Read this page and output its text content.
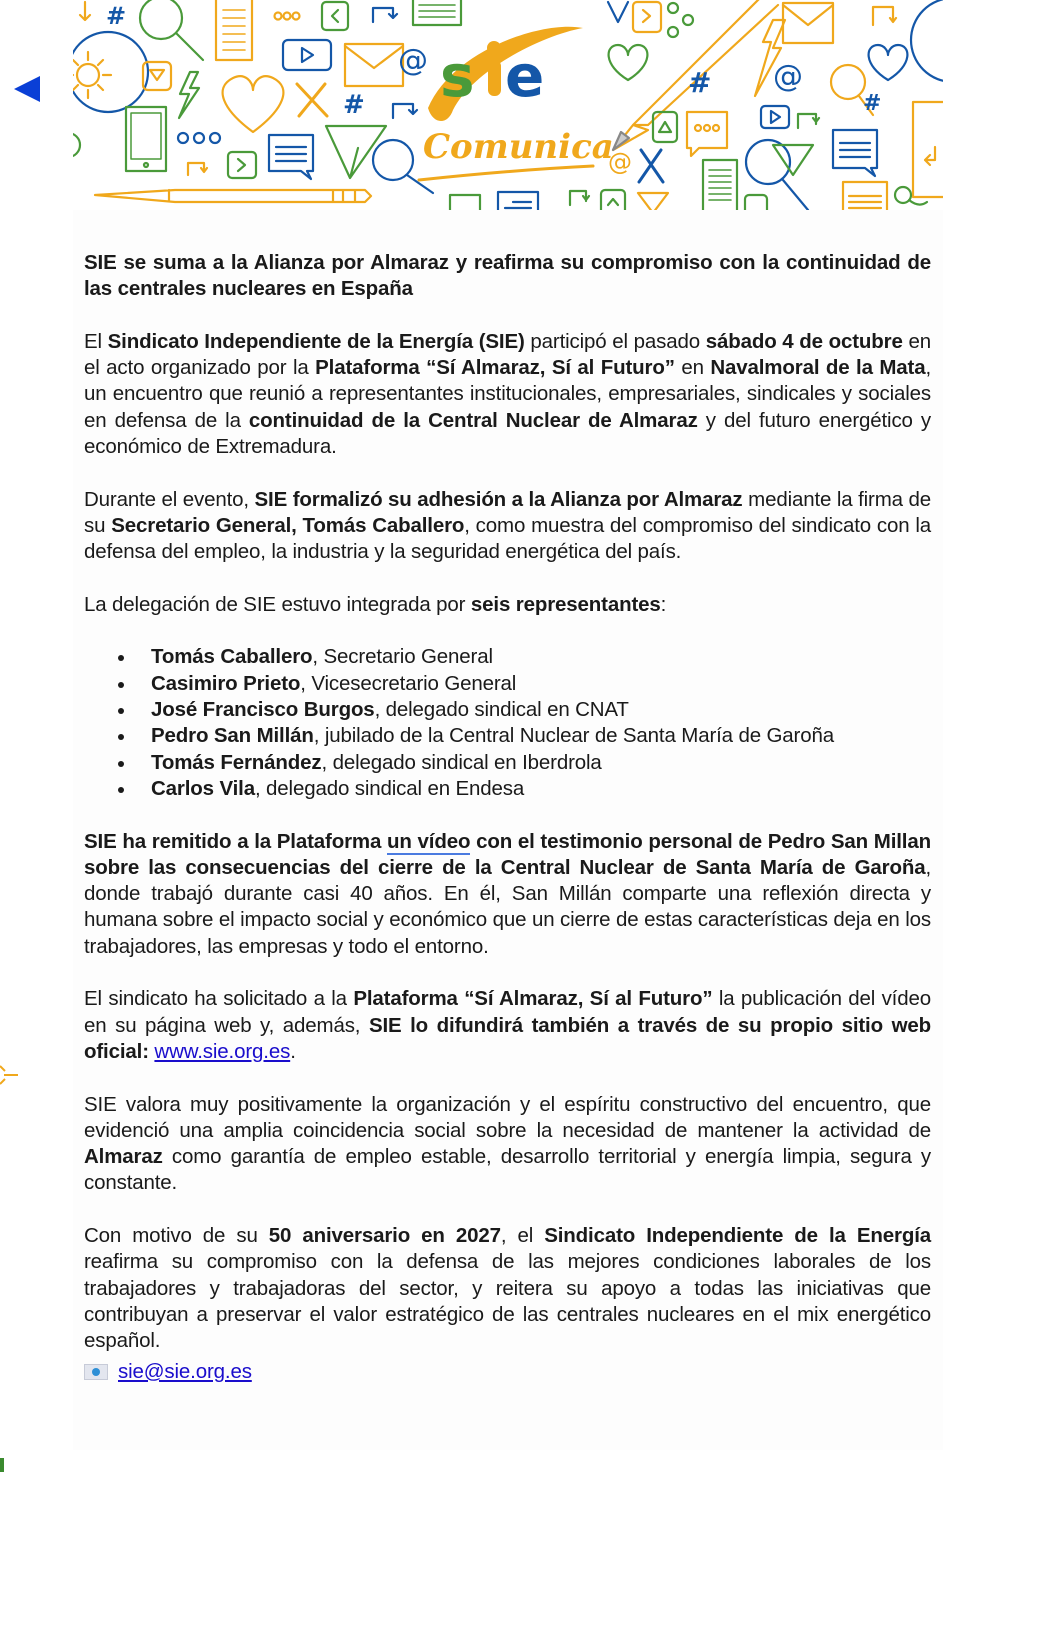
#
@
# s e
Comunica
# @
#
@

SIE se suma a la Alianza por Almaraz y reafirma su compromiso con la continuidad de las centrales nucleares en España

El Sindicato Independiente de la Energía (SIE) participó el pasado sábado 4 de octubre en el acto organizado por la Plataforma “Sí Almaraz, Sí al Futuro” en Navalmoral de la Mata, un encuentro que reunió a representantes institucionales, empresariales, sindicales y sociales en defensa de la continuidad de la Central Nuclear de Almaraz y del futuro energético y económico de Extremadura.

Durante el evento, SIE formalizó su adhesión a la Alianza por Almaraz mediante la firma de su Secretario General, Tomás Caballero, como muestra del compromiso del sindicato con la defensa del empleo, la industria y la seguridad energética del país.

La delegación de SIE estuvo integrada por seis representantes:

Tomás Caballero, Secretario General
Casimiro Prieto, Vicesecretario General
José Francisco Burgos, delegado sindical en CNAT
Pedro San Millán, jubilado de la Central Nuclear de Santa María de Garoña
Tomás Fernández, delegado sindical en Iberdrola
Carlos Vila, delegado sindical en Endesa

SIE ha remitido a la Plataforma un vídeo con el testimonio personal de Pedro San Millan sobre las consecuencias del cierre de la Central Nuclear de Santa María de Garoña, donde trabajó durante casi 40 años. En él, San Millán comparte una reflexión directa y humana sobre el impacto social y económico que un cierre de estas características deja en los trabajadores, las empresas y todo el entorno.

El sindicato ha solicitado a la Plataforma “Sí Almaraz, Sí al Futuro” la publicación del vídeo en su página web y, además, SIE lo difundirá también a través de su propio sitio web oficial: www.sie.org.es.

SIE valora muy positivamente la organización y el espíritu constructivo del encuentro, que evidenció una amplia coincidencia social sobre la necesidad de mantener la actividad de Almaraz como garantía de empleo estable, desarrollo territorial y energía limpia, segura y constante.

Con motivo de su 50 aniversario en 2027, el Sindicato Independiente de la Energía reafirma su compromiso con la defensa de las mejores condiciones laborales de los trabajadores y trabajadoras del sector, y reitera su apoyo a todas las iniciativas que contribuyan a preservar el valor estratégico de las centrales nucleares en el mix energético español.

sie@sie.org.es
